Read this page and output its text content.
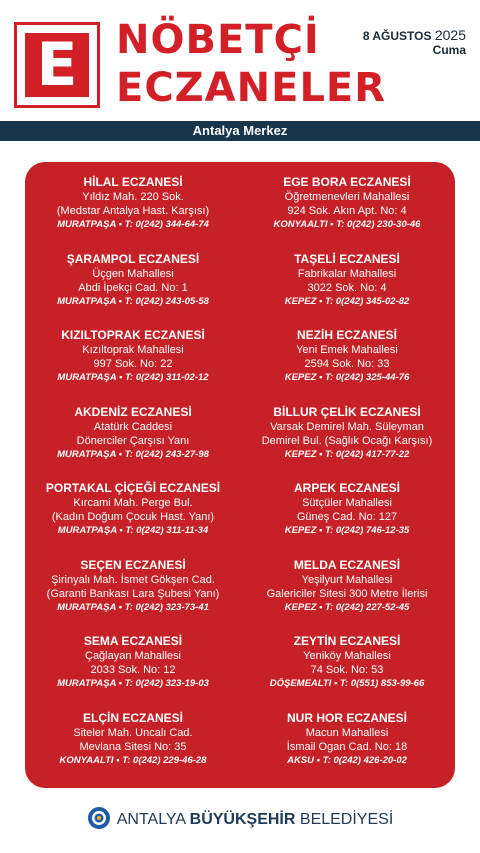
E NÖBETÇİ
ECZANELER
8 AĞUSTOS 2025
Cuma
Antalya Merkez
HİLAL ECZANESİ
Yıldız Mah. 220 Sok.
(Medstar Antalya Hast. Karşısı)
MURATPAŞA • T: 0(242) 344-64-74
EGE BORA ECZANESİ
Öğretmenevleri Mahallesi
924 Sok. Akın Apt. No: 4
KONYAALTI • T: 0(242) 230-30-46
ŞARAMPOL ECZANESİ
Üçgen Mahallesi
Abdi İpekçi Cad. No: 1
MURATPAŞA • T: 0(242) 243-05-58
TAŞELİ ECZANESİ
Fabrikalar Mahallesi
3022 Sok. No: 4
KEPEZ • T: 0(242) 345-02-82
KIZILTOPRAK ECZANESİ
Kızıltoprak Mahallesi
997 Sok. No: 22
MURATPAŞA • T: 0(242) 311-02-12
NEZİH ECZANESİ
Yeni Emek Mahallesi
2594 Sok. No: 33
KEPEZ • T: 0(242) 325-44-76
AKDENİZ ECZANESİ
Atatürk Caddesi
Dönerciler Çarşısı Yanı
MURATPAŞA • T: 0(242) 243-27-98
BİLLUR ÇELİK ECZANESİ
Varsak Demirel Mah. Süleyman
Demirel Bul. (Sağlık Ocağı Karşısı)
KEPEZ • T: 0(242) 417-77-22
PORTAKAL ÇİÇEĞİ ECZANESİ
Kırcami Mah. Perge Bul.
(Kadın Doğum Çocuk Hast. Yanı)
MURATPAŞA • T: 0(242) 311-11-34
ARPEK ECZANESİ
Sütçüler Mahallesi
Güneş Cad. No: 127
KEPEZ • T: 0(242) 746-12-35
SEÇEN ECZANESİ
Şirinyalı Mah. İsmet Gökşen Cad.
(Garanti Bankası Lara Şubesi Yanı)
MURATPAŞA • T: 0(242) 323-73-41
MELDA ECZANESİ
Yeşilyurt Mahallesi
Galericiler Sitesi 300 Metre İlerisi
KEPEZ • T: 0(242) 227-52-45
SEMA ECZANESİ
Çağlayan Mahallesi
2033 Sok. No: 12
MURATPAŞA • T: 0(242) 323-19-03
ZEYTİN ECZANESİ
Yeniköy Mahallesi
74 Sok. No: 53
DÖŞEMEALTI • T: 0(551) 853-99-66
ELÇİN ECZANESİ
Siteler Mah. Uncalı Cad.
Mevlana Sitesi No: 35
KONYAALTI • T: 0(242) 229-46-28
NUR HOR ECZANESİ
Macun Mahallesi
İsmail Ogan Cad. No: 18
AKSU • T: 0(242) 426-20-02
ANTALYA BÜYÜKŞEHİR BELEDİYESİ
